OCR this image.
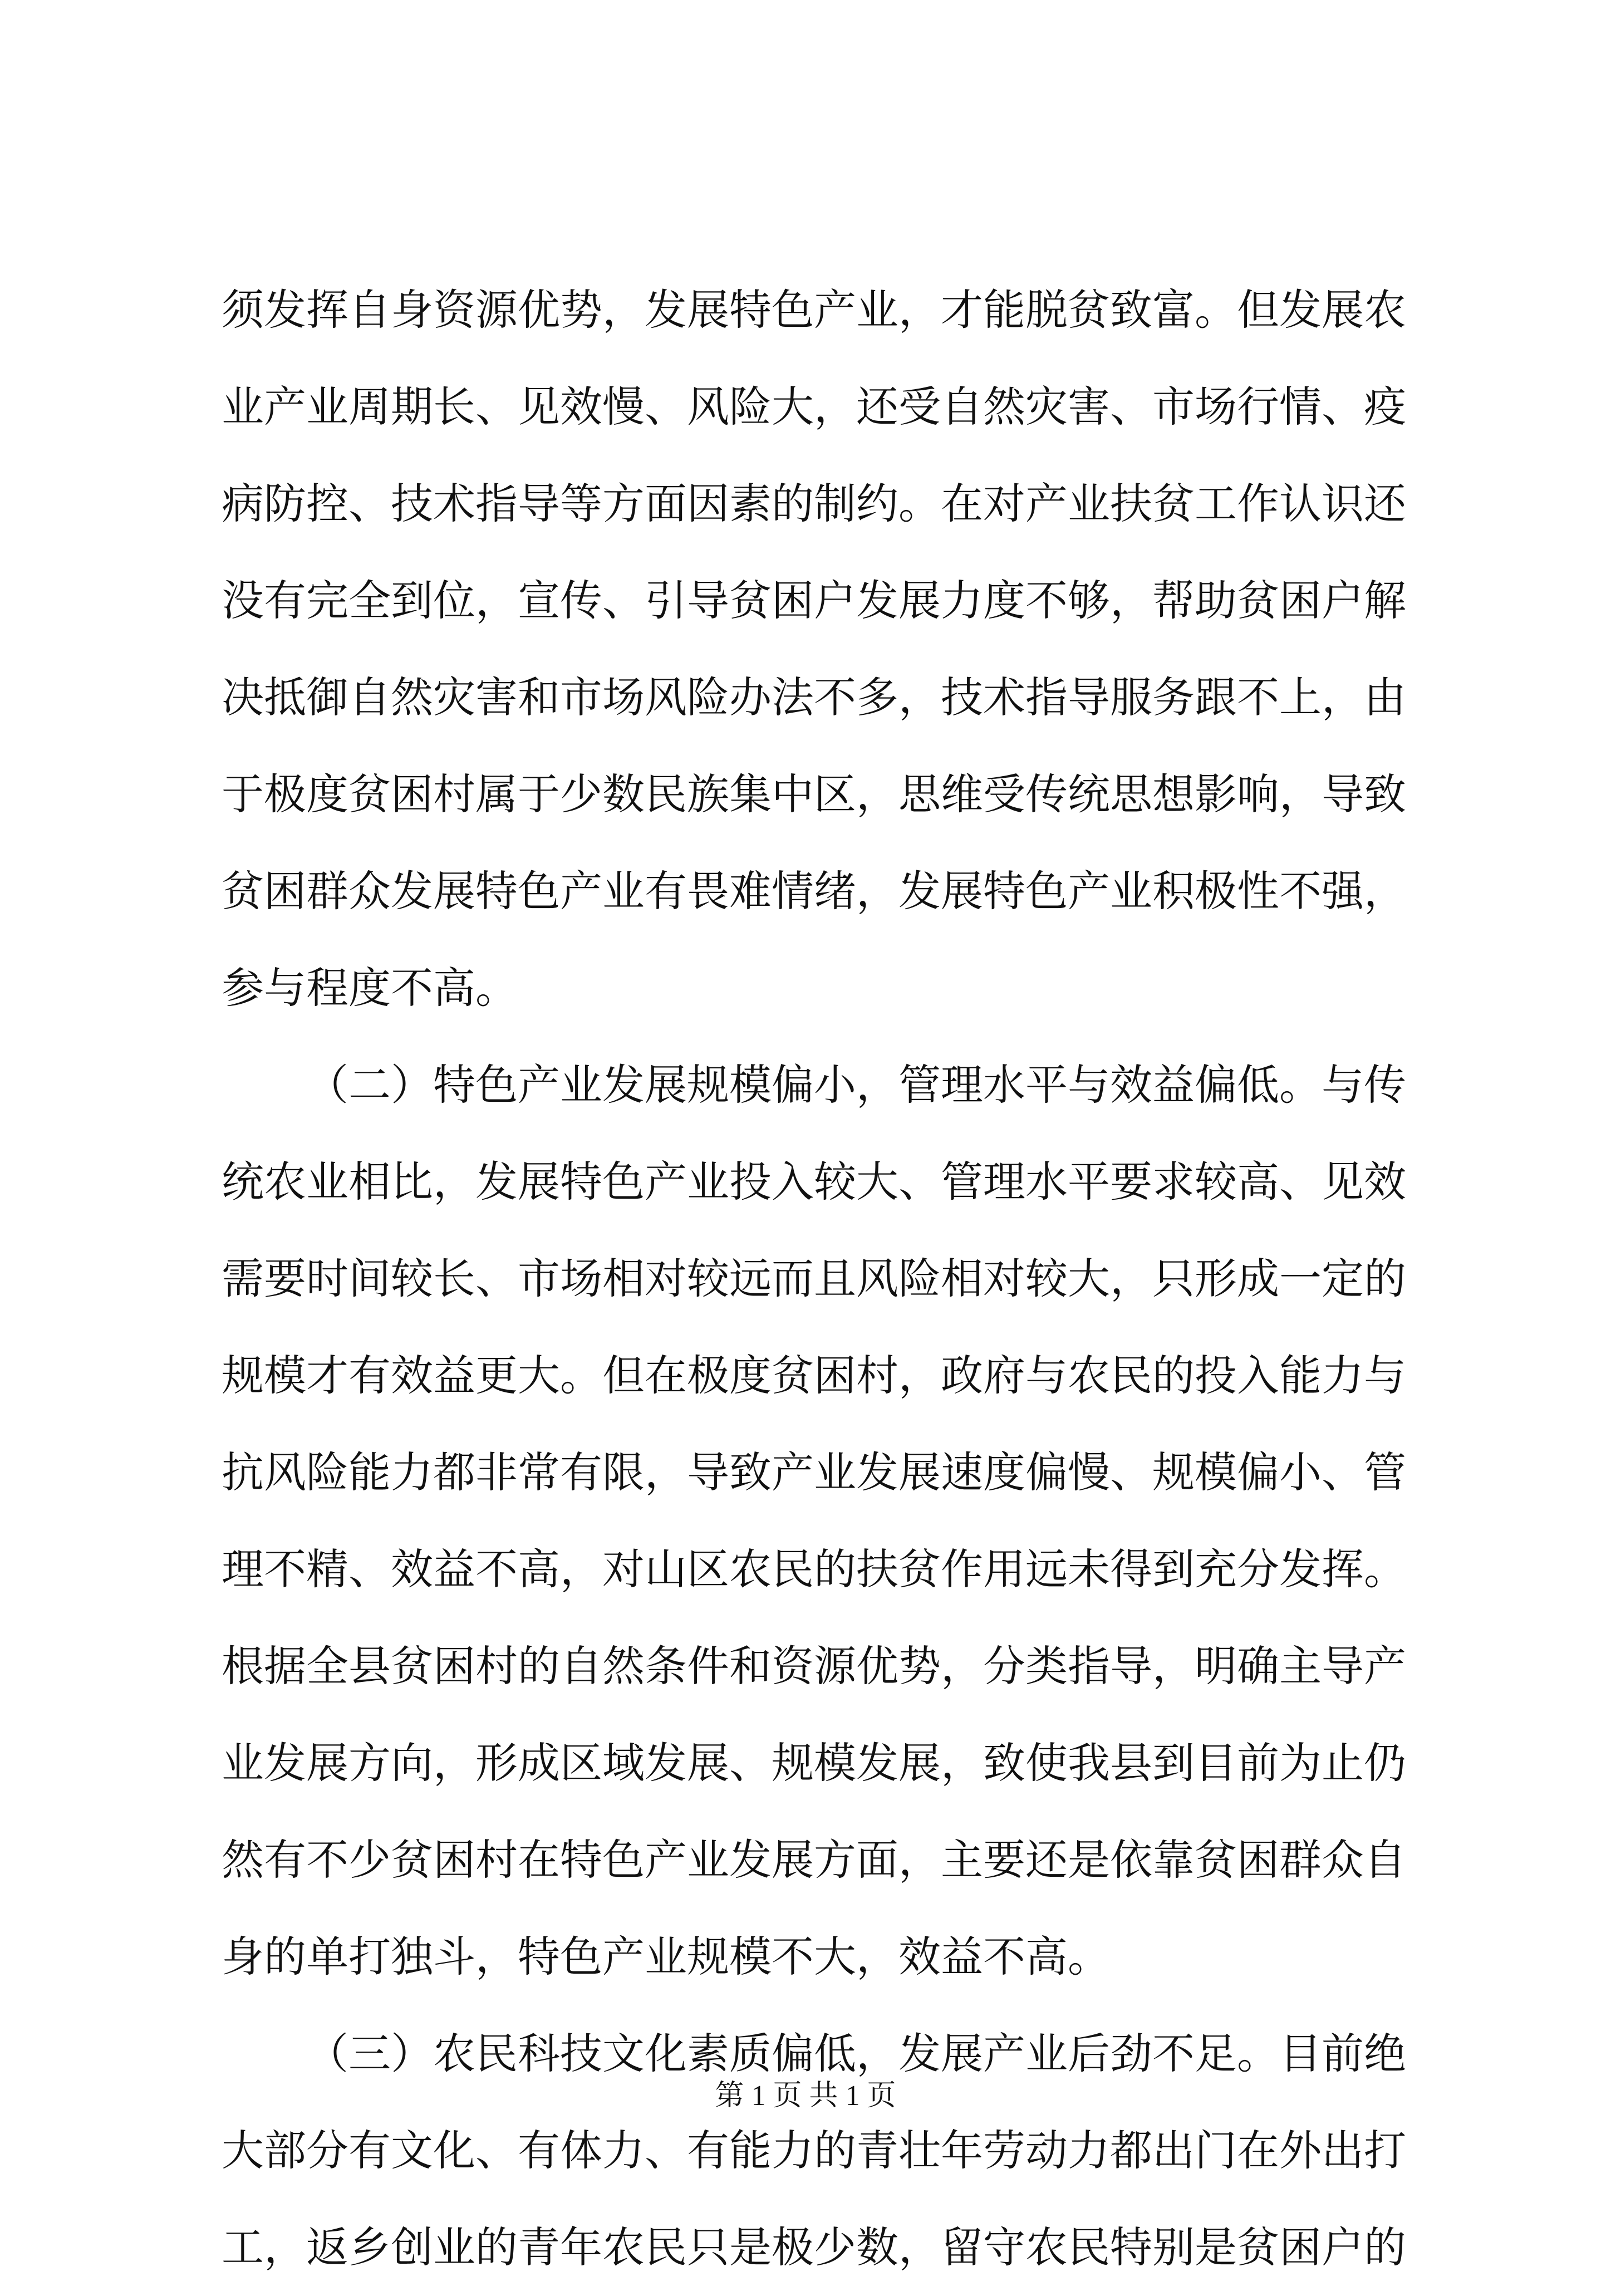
须发挥自身资源优势，发展特色产业，才能脱贫致富。但发展农
业产业周期长、见效慢、风险大，还受自然灾害、市场行情、疫
病防控、技术指导等方面因素的制约。在对产业扶贫工作认识还
没有完全到位，宣传、引导贫困户发展力度不够，帮助贫困户解
决抵御自然灾害和市场风险办法不多，技术指导服务跟不上，由
于极度贫困村属于少数民族集中区，思维受传统思想影响，导致
贫困群众发展特色产业有畏难情绪，发展特色产业积极性不强，
参与程度不高。
（二）特色产业发展规模偏小，管理水平与效益偏低。与传
统农业相比，发展特色产业投入较大、管理水平要求较高、见效
需要时间较长、市场相对较远而且风险相对较大，只形成一定的
规模才有效益更大。但在极度贫困村，政府与农民的投入能力与
抗风险能力都非常有限，导致产业发展速度偏慢、规模偏小、管
理不精、效益不高，对山区农民的扶贫作用远未得到充分发挥。
根据全县贫困村的自然条件和资源优势，分类指导，明确主导产
业发展方向，形成区域发展、规模发展，致使我县到目前为止仍
然有不少贫困村在特色产业发展方面，主要还是依靠贫困群众自
身的单打独斗，特色产业规模不大，效益不高。
（三）农民科技文化素质偏低，发展产业后劲不足。目前绝
大部分有文化、有体力、有能力的青壮年劳动力都出门在外出打
工，返乡创业的青年农民只是极少数，留守农民特别是贫困户的
第 1 页 共 1 页
